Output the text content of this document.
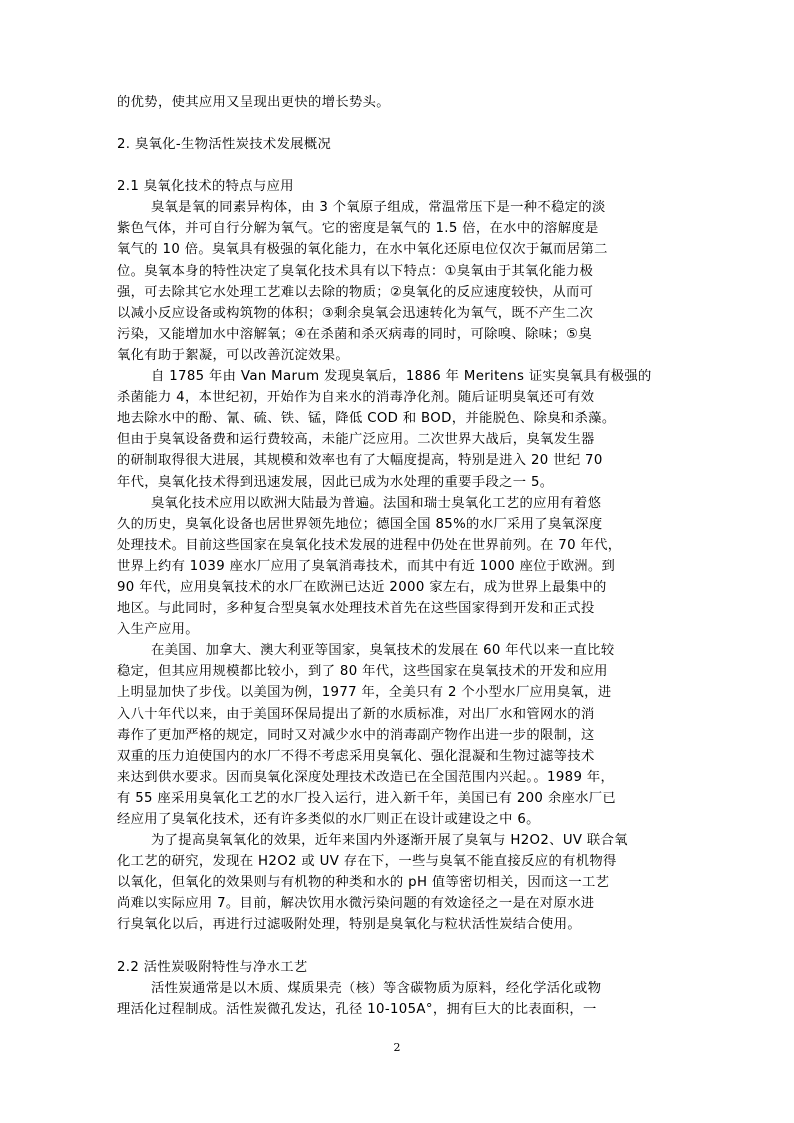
的优势，使其应用又呈现出更快的增长势头。
2. 臭氧化-生物活性炭技术发展概况
2.1 臭氧化技术的特点与应用
臭氧是氧的同素异构体，由 3 个氧原子组成，常温常压下是一种不稳定的淡
紫色气体，并可自行分解为氧气。它的密度是氧气的 1.5 倍，在水中的溶解度是
氧气的 10 倍。臭氧具有极强的氧化能力，在水中氧化还原电位仅次于氟而居第二
位。臭氧本身的特性决定了臭氧化技术具有以下特点：①臭氧由于其氧化能力极
强，可去除其它水处理工艺难以去除的物质；②臭氧化的反应速度较快，从而可
以减小反应设备或构筑物的体积；③剩余臭氧会迅速转化为氧气，既不产生二次
污染，又能增加水中溶解氧；④在杀菌和杀灭病毒的同时，可除嗅、除味；⑤臭
氧化有助于絮凝，可以改善沉淀效果。
自 1785 年由 Van Marum 发现臭氧后，1886 年 Meritens 证实臭氧具有极强的
杀菌能力 4，本世纪初，开始作为自来水的消毒净化剂。随后证明臭氧还可有效
地去除水中的酚、氰、硫、铁、锰，降低 COD 和 BOD，并能脱色、除臭和杀藻。
但由于臭氧设备费和运行费较高，未能广泛应用。二次世界大战后，臭氧发生器
的研制取得很大进展，其规模和效率也有了大幅度提高，特别是进入 20 世纪 70
年代，臭氧化技术得到迅速发展，因此已成为水处理的重要手段之一 5。
臭氧化技术应用以欧洲大陆最为普遍。法国和瑞士臭氧化工艺的应用有着悠
久的历史，臭氧化设备也居世界领先地位；德国全国 85%的水厂采用了臭氧深度
处理技术。目前这些国家在臭氧化技术发展的进程中仍处在世界前列。在 70 年代，
世界上约有 1039 座水厂应用了臭氧消毒技术，而其中有近 1000 座位于欧洲。到
90 年代，应用臭氧技术的水厂在欧洲已达近 2000 家左右，成为世界上最集中的
地区。与此同时，多种复合型臭氧水处理技术首先在这些国家得到开发和正式投
入生产应用。
在美国、加拿大、澳大利亚等国家，臭氧技术的发展在 60 年代以来一直比较
稳定，但其应用规模都比较小，到了 80 年代，这些国家在臭氧技术的开发和应用
上明显加快了步伐。以美国为例，1977 年，全美只有 2 个小型水厂应用臭氧，进
入八十年代以来，由于美国环保局提出了新的水质标准，对出厂水和管网水的消
毒作了更加严格的规定，同时又对减少水中的消毒副产物作出进一步的限制，这
双重的压力迫使国内的水厂不得不考虑采用臭氧化、强化混凝和生物过滤等技术
来达到供水要求。因而臭氧化深度处理技术改造已在全国范围内兴起。。1989 年，
有 55 座采用臭氧化工艺的水厂投入运行，进入新千年，美国已有 200 余座水厂已
经应用了臭氧化技术，还有许多类似的水厂则正在设计或建设之中 6。
为了提高臭氧氧化的效果，近年来国内外逐渐开展了臭氧与 H2O2、UV 联合氧
化工艺的研究，发现在 H2O2 或 UV 存在下，一些与臭氧不能直接反应的有机物得
以氧化，但氧化的效果则与有机物的种类和水的 pH 值等密切相关，因而这一工艺
尚难以实际应用 7。目前，解决饮用水微污染问题的有效途径之一是在对原水进
行臭氧化以后，再进行过滤吸附处理，特别是臭氧化与粒状活性炭结合使用。
2.2 活性炭吸附特性与净水工艺
活性炭通常是以木质、煤质果壳（核）等含碳物质为原料，经化学活化或物
理活化过程制成。活性炭微孔发达，孔径 10-105A°，拥有巨大的比表面积，一
2
